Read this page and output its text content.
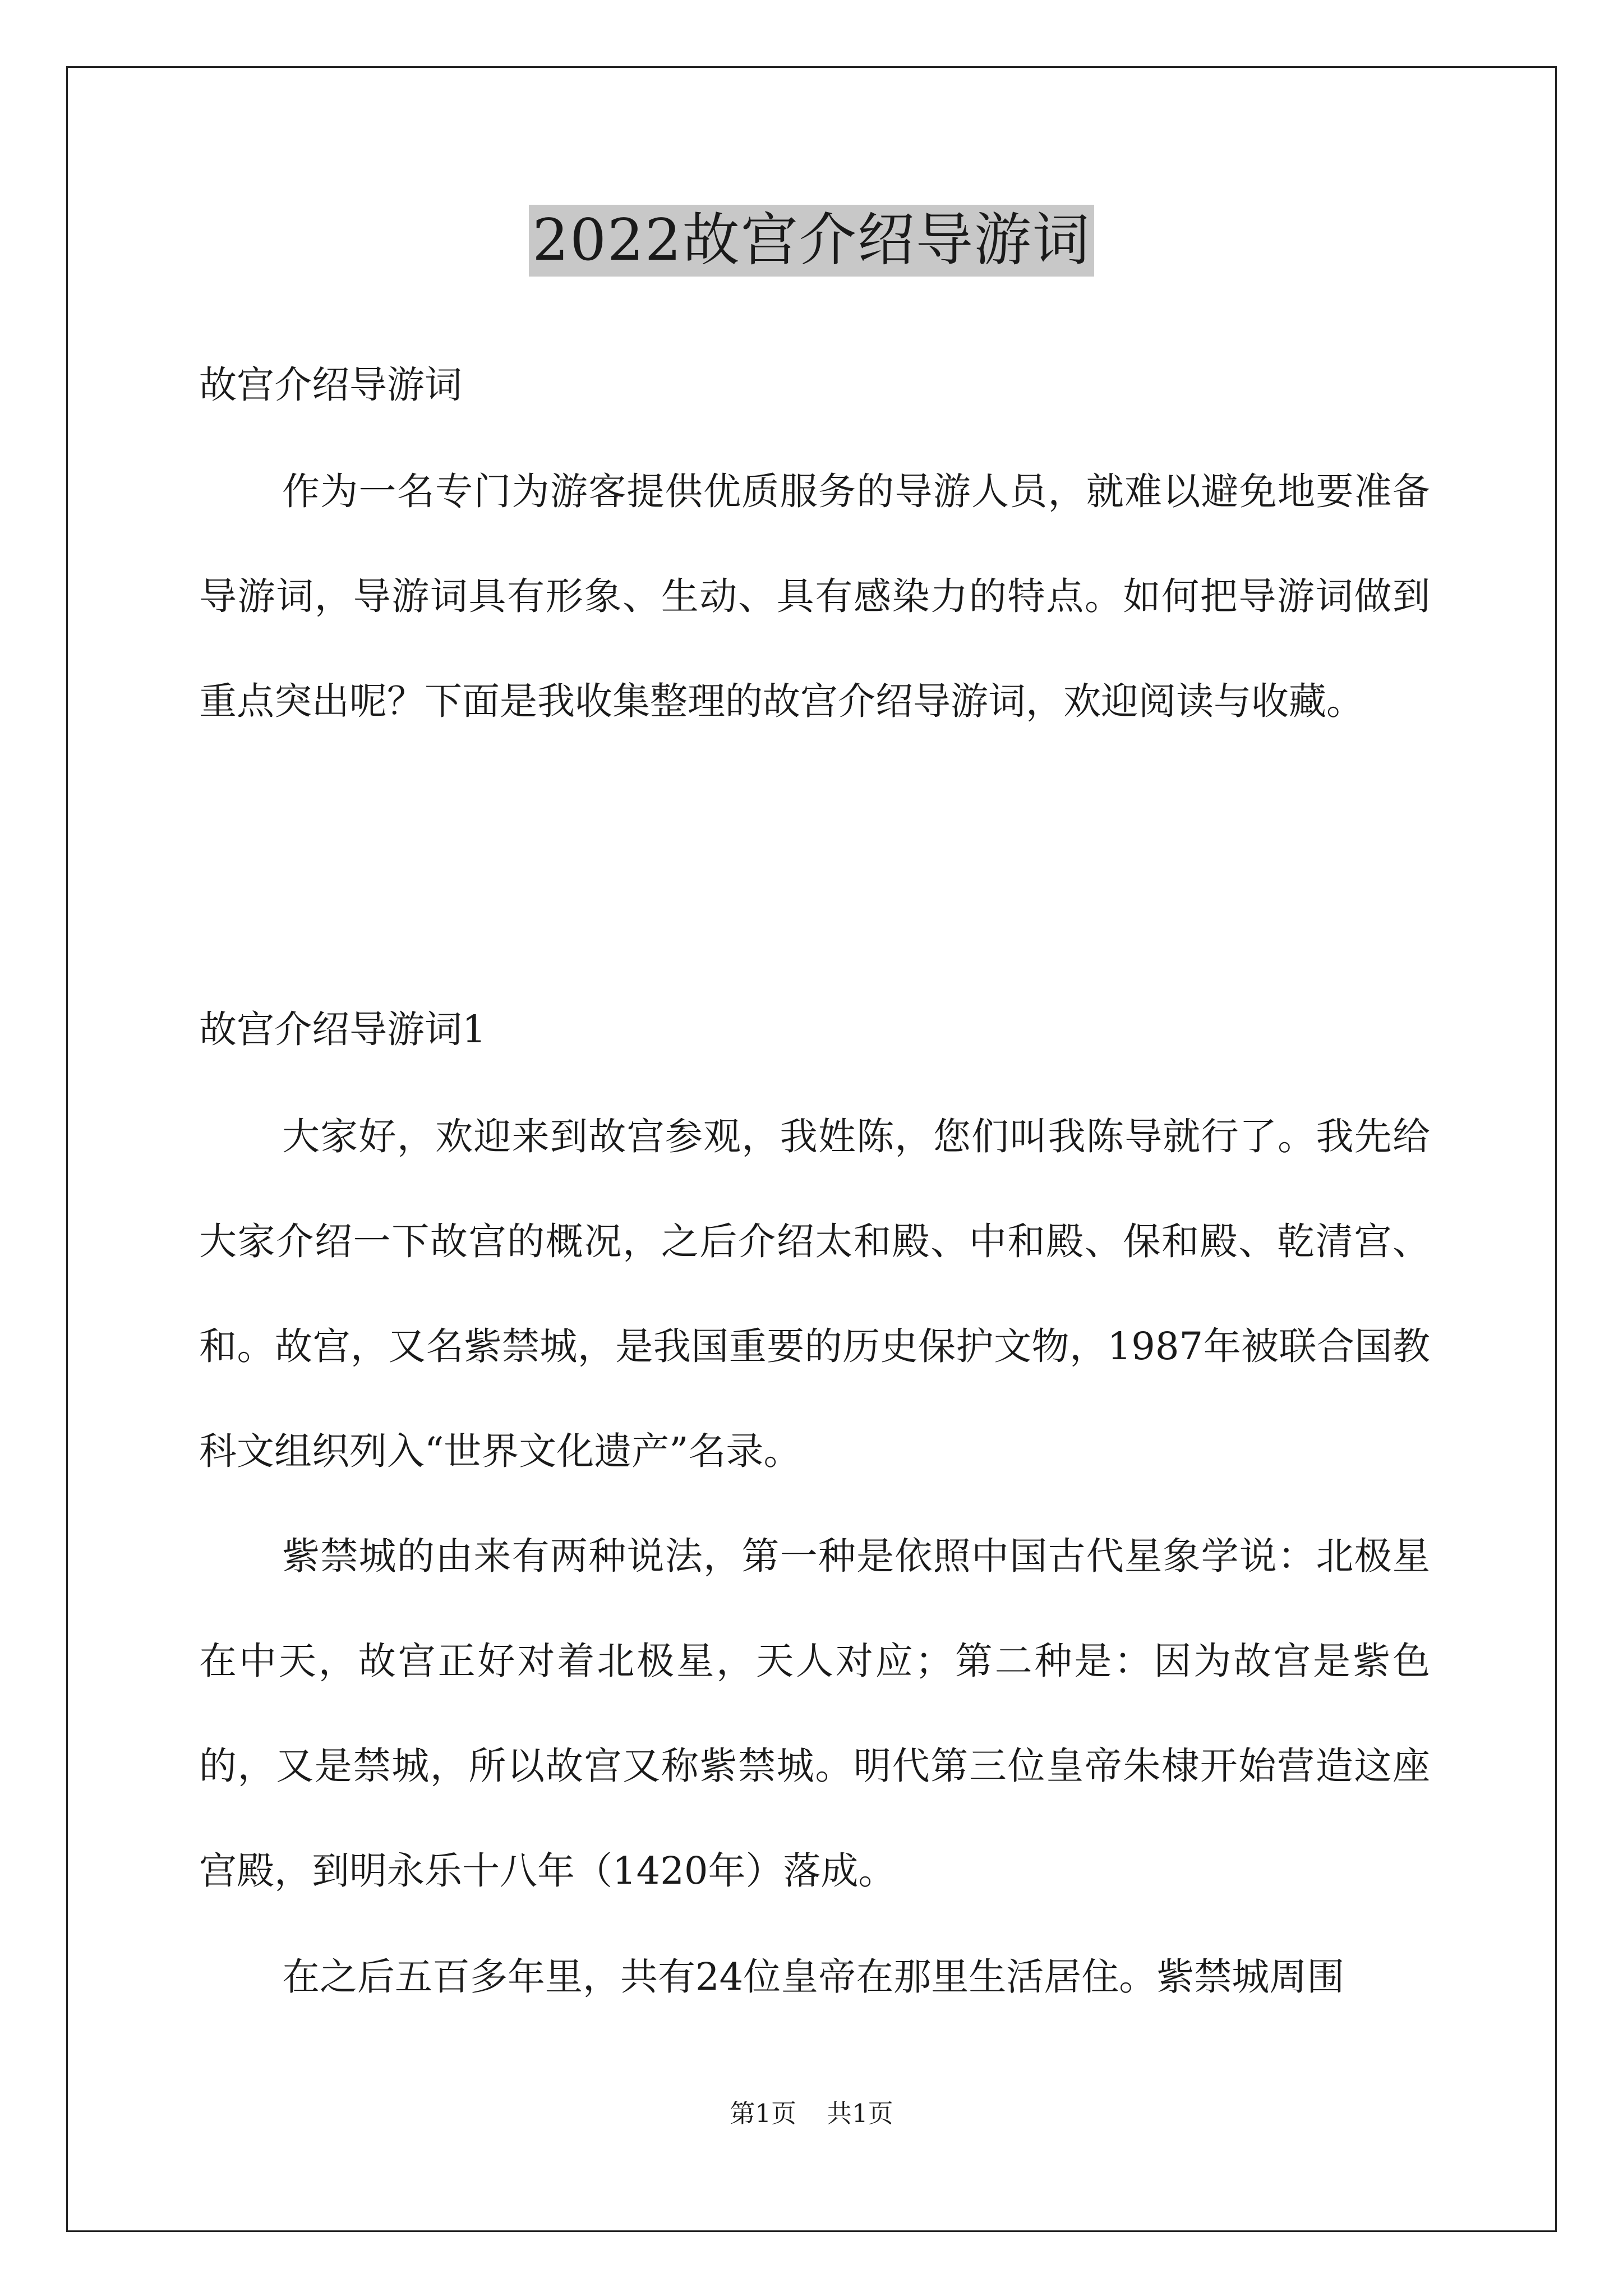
2022故宫介绍导游词

故宫介绍导游词

作为一名专门为游客提供优质服务的导游人员，就难以避免地要准备导游词，导游词具有形象、生动、具有感染力的特点。如何把导游词做到重点突出呢？下面是我收集整理的故宫介绍导游词，欢迎阅读与收藏。

故宫介绍导游词1

大家好，欢迎来到故宫参观，我姓陈，您们叫我陈导就行了。我先给大家介绍一下故宫的概况，之后介绍太和殿、中和殿、保和殿、乾清宫、和。故宫，又名紫禁城，是我国重要的历史保护文物，1987年被联合国教科文组织列入“世界文化遗产”名录。

紫禁城的由来有两种说法，第一种是依照中国古代星象学说：北极星在中天，故宫正好对着北极星，天人对应；第二种是：因为故宫是紫色的，又是禁城，所以故宫又称紫禁城。明代第三位皇帝朱棣开始营造这座宫殿，到明永乐十八年（1420年）落成。

在之后五百多年里，共有24位皇帝在那里生活居住。紫禁城周围

第1页 共1页
